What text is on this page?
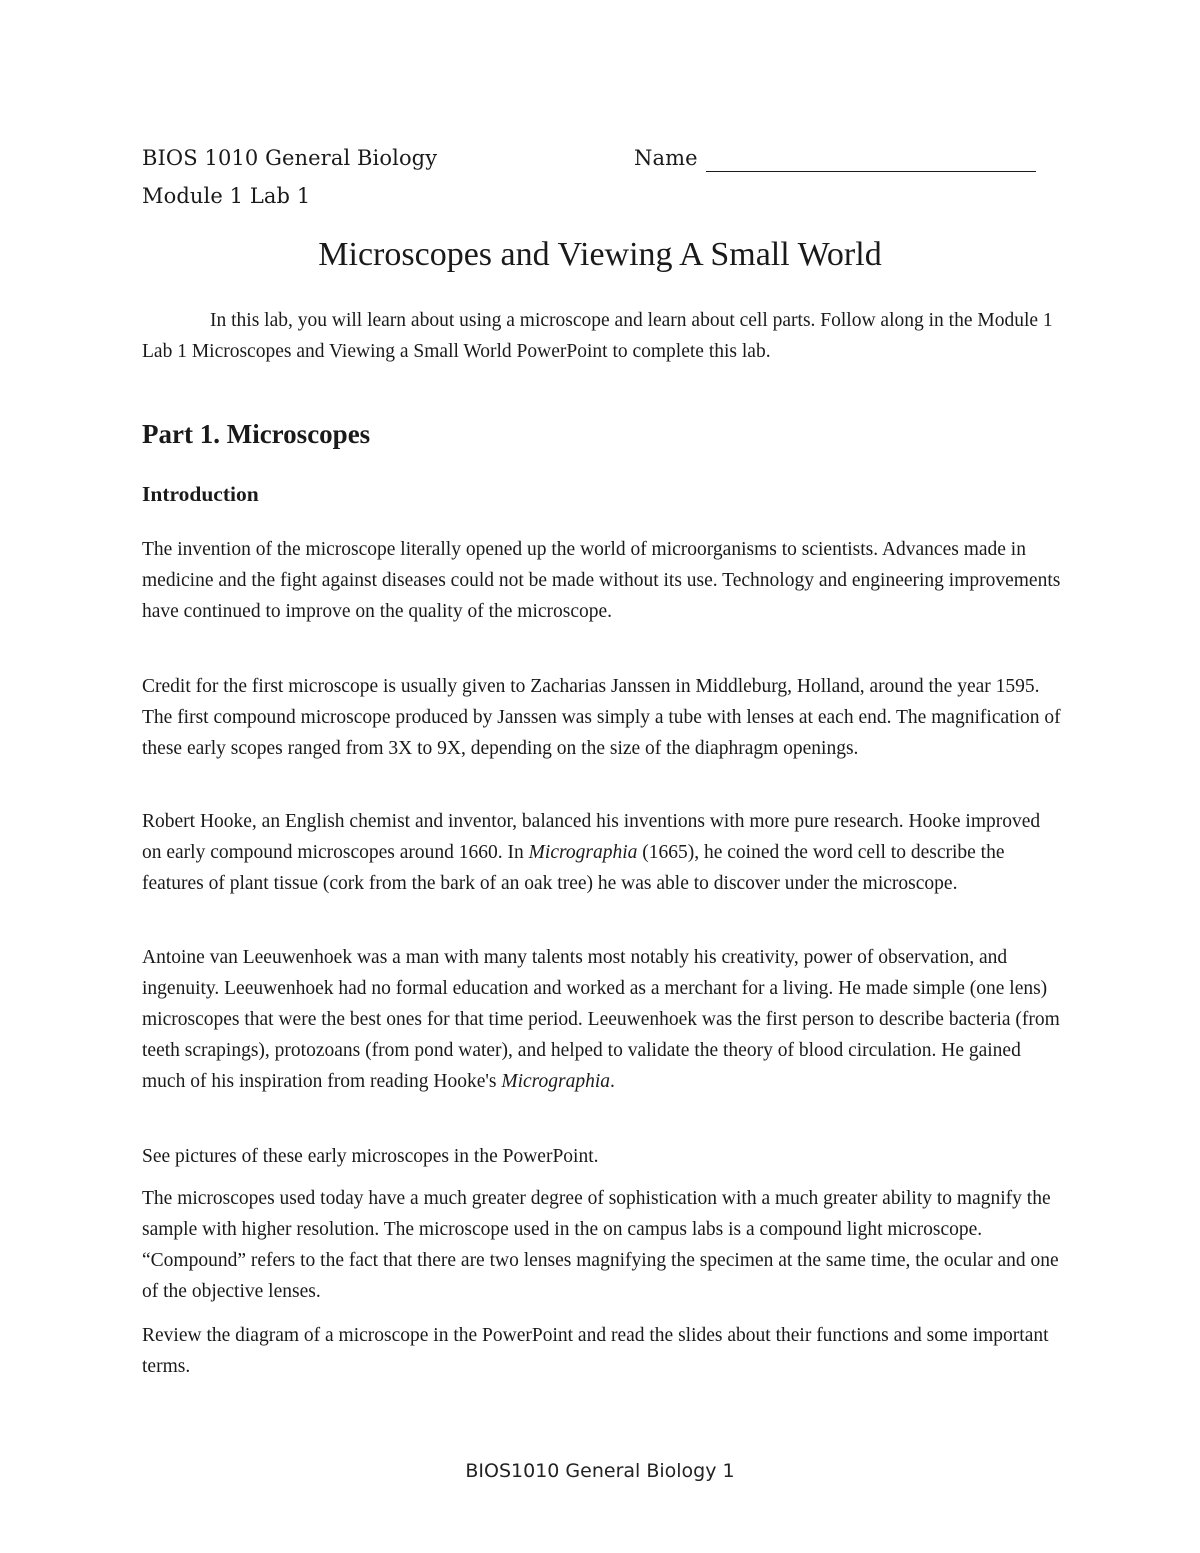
BIOS 1010 General Biology
Module 1 Lab 1
Name
Microscopes and Viewing A Small World

In this lab, you will learn about using a microscope and learn about cell parts. Follow along in the Module 1 Lab 1 Microscopes and Viewing a Small World PowerPoint to complete this lab.

Part 1. Microscopes
Introduction

The invention of the microscope literally opened up the world of microorganisms to scientists. Advances made in medicine and the fight against diseases could not be made without its use. Technology and engineering improvements have continued to improve on the quality of the microscope.

Credit for the first microscope is usually given to Zacharias Janssen in Middleburg, Holland, around the year 1595. The first compound microscope produced by Janssen was simply a tube with lenses at each end. The magnification of these early scopes ranged from 3X to 9X, depending on the size of the diaphragm openings.

Robert Hooke, an English chemist and inventor, balanced his inventions with more pure research. Hooke improved on early compound microscopes around 1660. In Micrographia (1665), he coined the word cell to describe the features of plant tissue (cork from the bark of an oak tree) he was able to discover under the microscope.

Antoine van Leeuwenhoek was a man with many talents most notably his creativity, power of observation, and ingenuity. Leeuwenhoek had no formal education and worked as a merchant for a living. He made simple (one lens) microscopes that were the best ones for that time period. Leeuwenhoek was the first person to describe bacteria (from teeth scrapings), protozoans (from pond water), and helped to validate the theory of blood circulation. He gained much of his inspiration from reading Hooke's Micrographia.

See pictures of these early microscopes in the PowerPoint.

The microscopes used today have a much greater degree of sophistication with a much greater ability to magnify the sample with higher resolution. The microscope used in the on campus labs is a compound light microscope. “Compound” refers to the fact that there are two lenses magnifying the specimen at the same time, the ocular and one of the objective lenses.

Review the diagram of a microscope in the PowerPoint and read the slides about their functions and some important terms.

BIOS1010 General Biology 1
